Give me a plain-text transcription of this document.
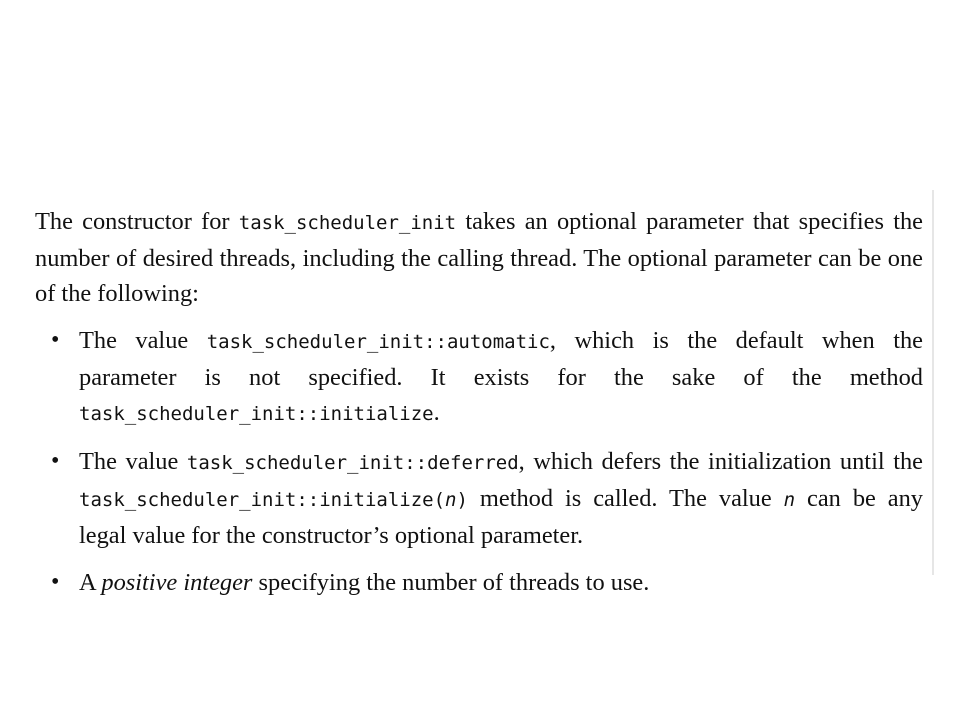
The constructor for task_scheduler_init takes an optional parameter that specifies the number of desired threads, including the calling thread. The optional parameter can be one of the following:

• The value task_scheduler_init::automatic, which is the default when the parameter is not specified. It exists for the sake of the method task_scheduler_init::initialize.
• The value task_scheduler_init::deferred, which defers the initialization until the task_scheduler_init::initialize(n) method is called. The value n can be any legal value for the constructor’s optional parameter.
• A positive integer specifying the number of threads to use.
